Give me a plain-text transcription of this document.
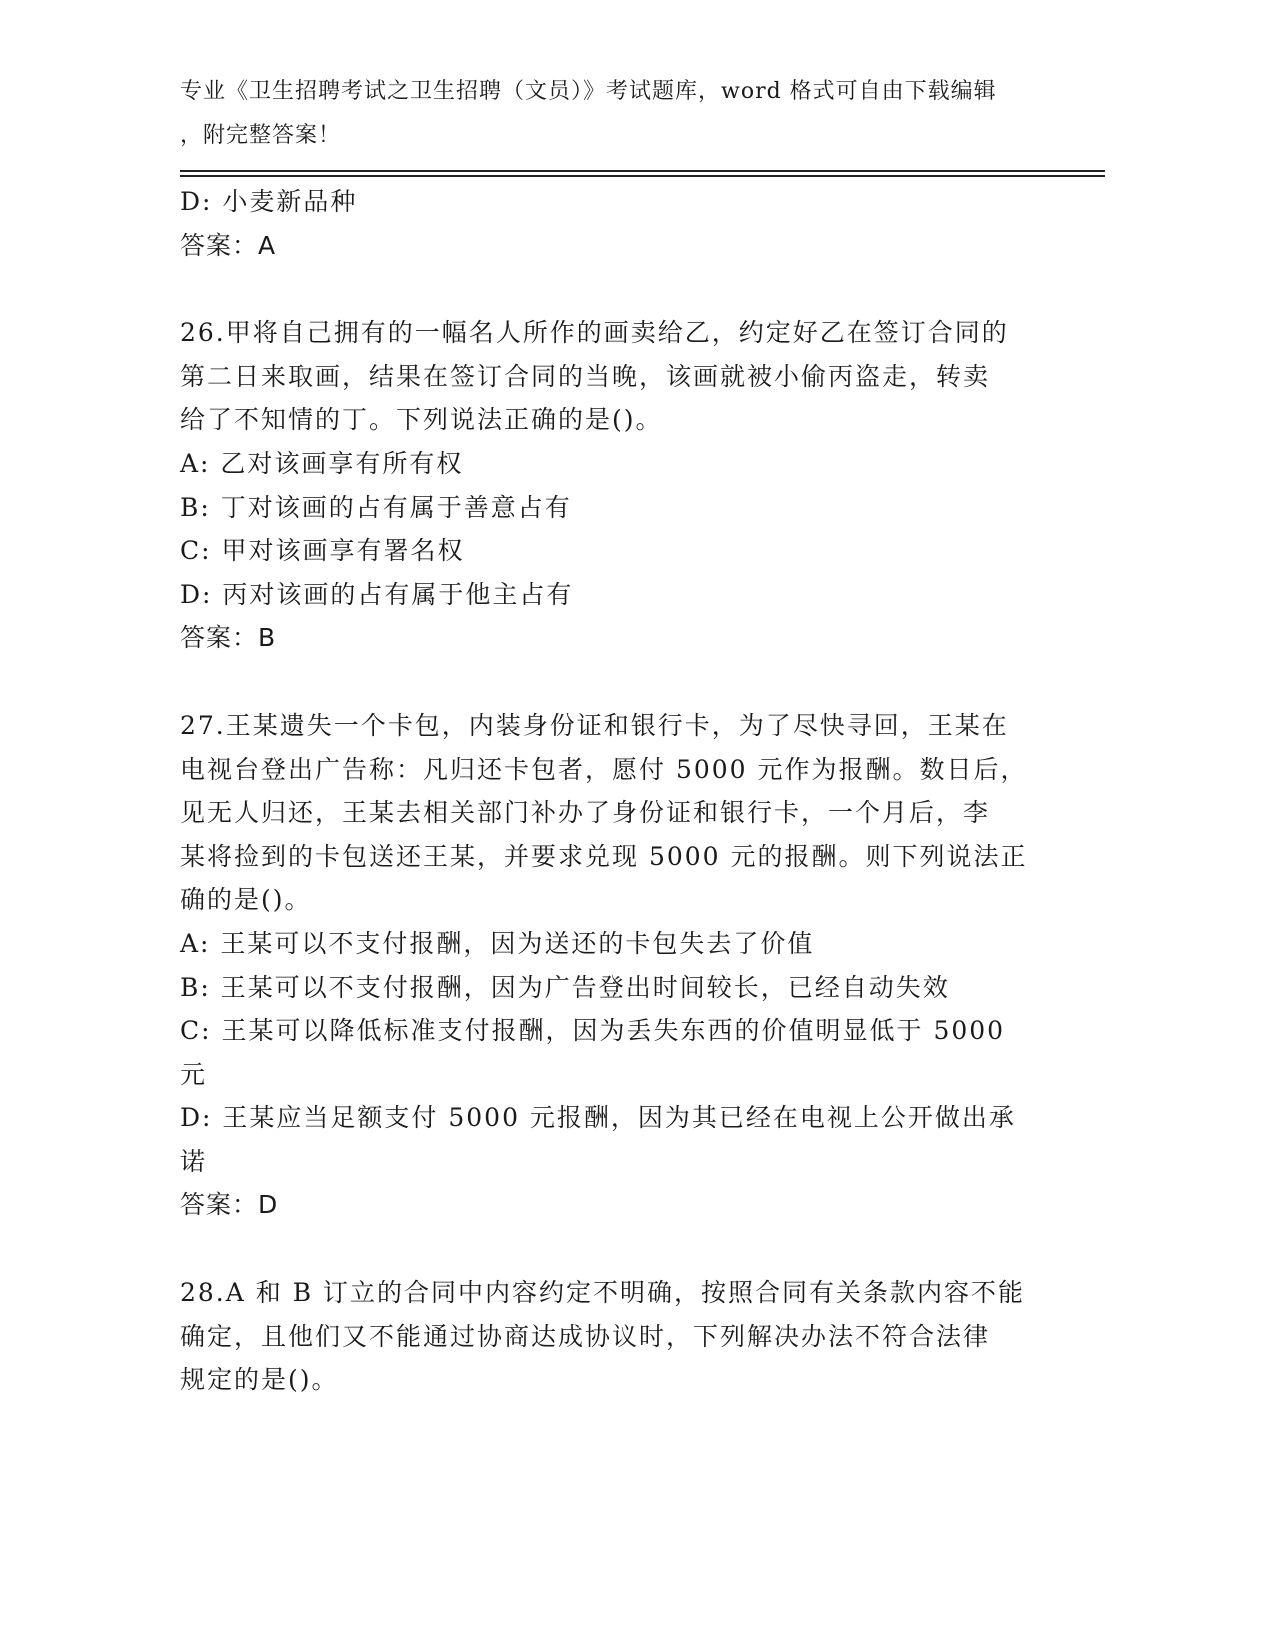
专业《卫生招聘考试之卫生招聘（文员）》考试题库，word 格式可自由下载编辑
，附完整答案！
D: 小麦新品种
答案：A
26.甲将自己拥有的一幅名人所作的画卖给乙，约定好乙在签订合同的
第二日来取画，结果在签订合同的当晚，该画就被小偷丙盗走，转卖
给了不知情的丁。下列说法正确的是()。
A: 乙对该画享有所有权
B: 丁对该画的占有属于善意占有
C: 甲对该画享有署名权
D: 丙对该画的占有属于他主占有
答案：B
27.王某遗失一个卡包，内装身份证和银行卡，为了尽快寻回，王某在
电视台登出广告称：凡归还卡包者，愿付 5000 元作为报酬。数日后，
见无人归还，王某去相关部门补办了身份证和银行卡，一个月后，李
某将捡到的卡包送还王某，并要求兑现 5000 元的报酬。则下列说法正
确的是()。
A: 王某可以不支付报酬，因为送还的卡包失去了价值
B: 王某可以不支付报酬，因为广告登出时间较长，已经自动失效
C: 王某可以降低标准支付报酬，因为丢失东西的价值明显低于 5000
元
D: 王某应当足额支付 5000 元报酬，因为其已经在电视上公开做出承
诺
答案：D
28.A 和 B 订立的合同中内容约定不明确，按照合同有关条款内容不能
确定，且他们又不能通过协商达成协议时，下列解决办法不符合法律
规定的是()。
